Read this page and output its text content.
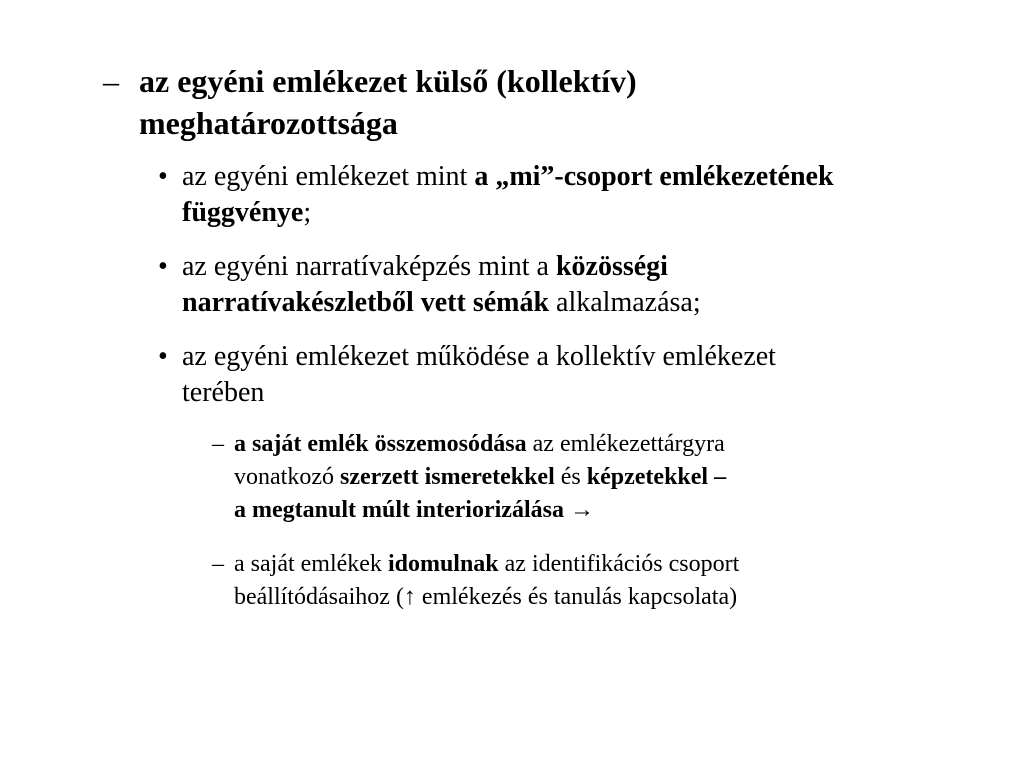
– az egyéni emlékezet külső (kollektív)
meghatározottsága
• az egyéni emlékezet mint a „mi”-csoport emlékezetének
függvénye;
• az egyéni narratívaképzés mint a közösségi
narratívakészletből vett sémák alkalmazása;
• az egyéni emlékezet működése a kollektív emlékezet
terében
– a saját emlék összemosódása az emlékezettárgyra
vonatkozó szerzett ismeretekkel és képzetekkel –
a megtanult múlt interiorizálása →
– a saját emlékek idomulnak az identifikációs csoport
beállítódásaihoz (↑ emlékezés és tanulás kapcsolata)
